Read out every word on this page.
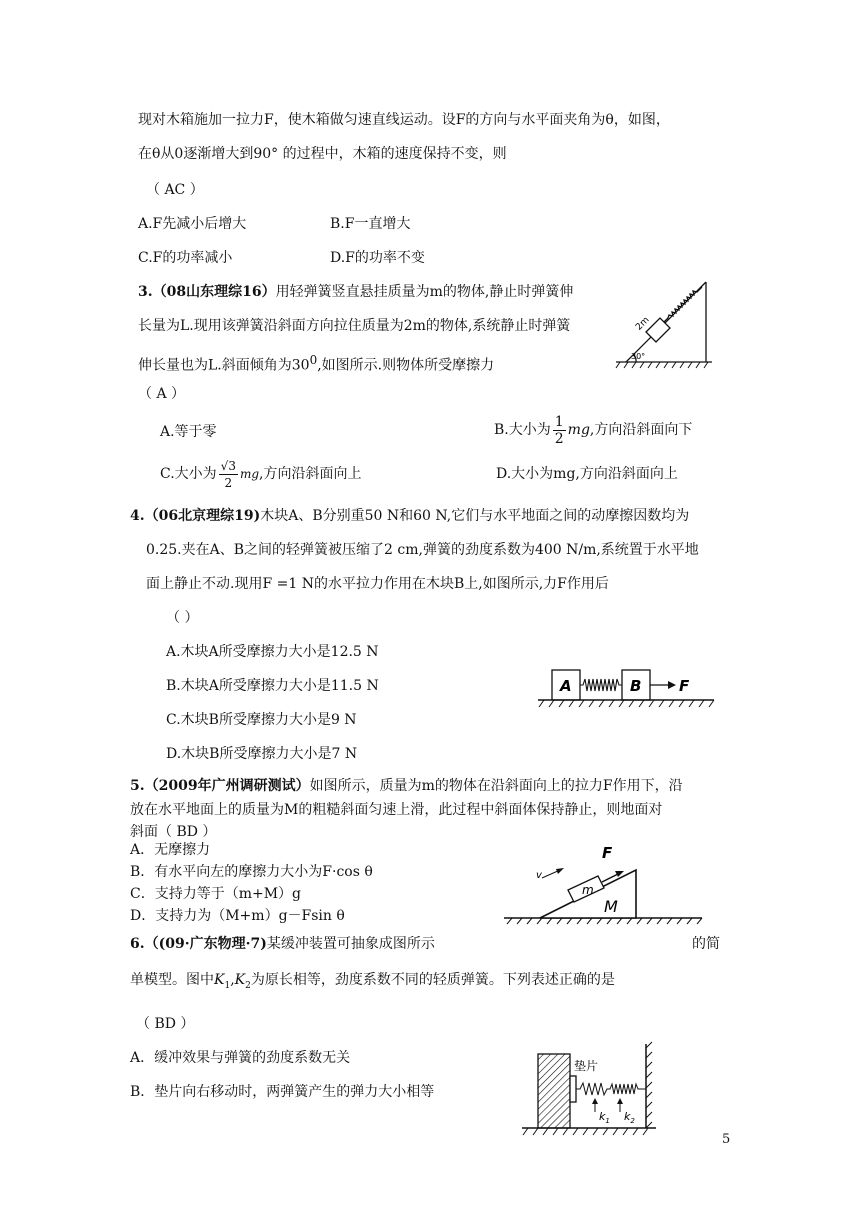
现对木箱施加一拉力F，使木箱做匀速直线运动。设F的方向与水平面夹角为θ，如图，
在θ从0逐渐增大到90° 的过程中，木箱的速度保持不变，则
（ AC ）
A.F先减小后增大	B.F一直增大
C.F的功率减小	D.F的功率不变
3.（08山东理综16）用轻弹簧竖直悬挂质量为m的物体,静止时弹簧伸
长量为L.现用该弹簧沿斜面方向拉住质量为2m的物体,系统静止时弹簧
伸长量也为L.斜面倾角为$30^0$,如图所示.则物体所受摩擦力
（ A ）
A.等于零	B.大小为 $\frac{1}{2}$ mg,方向沿斜面向下
C.大小为 $\frac{√3}{2}$ mg,方向沿斜面向上	D.大小为mg,方向沿斜面向上
2m
30°
4.（06北京理综19)木块A、B分别重50 N和60 N,它们与水平地面之间的动摩擦因数均为
0.25.夹在A、B之间的轻弹簧被压缩了2 cm,弹簧的劲度系数为400 N/m,系统置于水平地
面上静止不动.现用F =1 N的水平拉力作用在木块B上,如图所示,力F作用后
（ ）
A.木块A所受摩擦力大小是12.5 N
B.木块A所受摩擦力大小是11.5 N
C.木块B所受摩擦力大小是9 N
D.木块B所受摩擦力大小是7 N
A	B	F
5.（2009年广州调研测试）如图所示，质量为m的物体在沿斜面向上的拉力F作用下，沿
放在水平地面上的质量为M的粗糙斜面匀速上滑，此过程中斜面体保持静止，则地面对
斜面（ BD ）
A．无摩擦力
B．有水平向左的摩擦力大小为F·cos θ
C．支持力等于（m+M）g
D．支持力为（M+m）g－Fsin θ
v
F
m
M
6.（(09·广东物理·7)某缓冲装置可抽象成图所示	的简
单模型。图中$K_1,K_2$为原长相等，劲度系数不同的轻质弹簧。下列表述正确的是
（ BD ）
A．缓冲效果与弹簧的劲度系数无关
B．垫片向右移动时，两弹簧产生的弹力大小相等
垫片
$k_1$ $k_2$
5
